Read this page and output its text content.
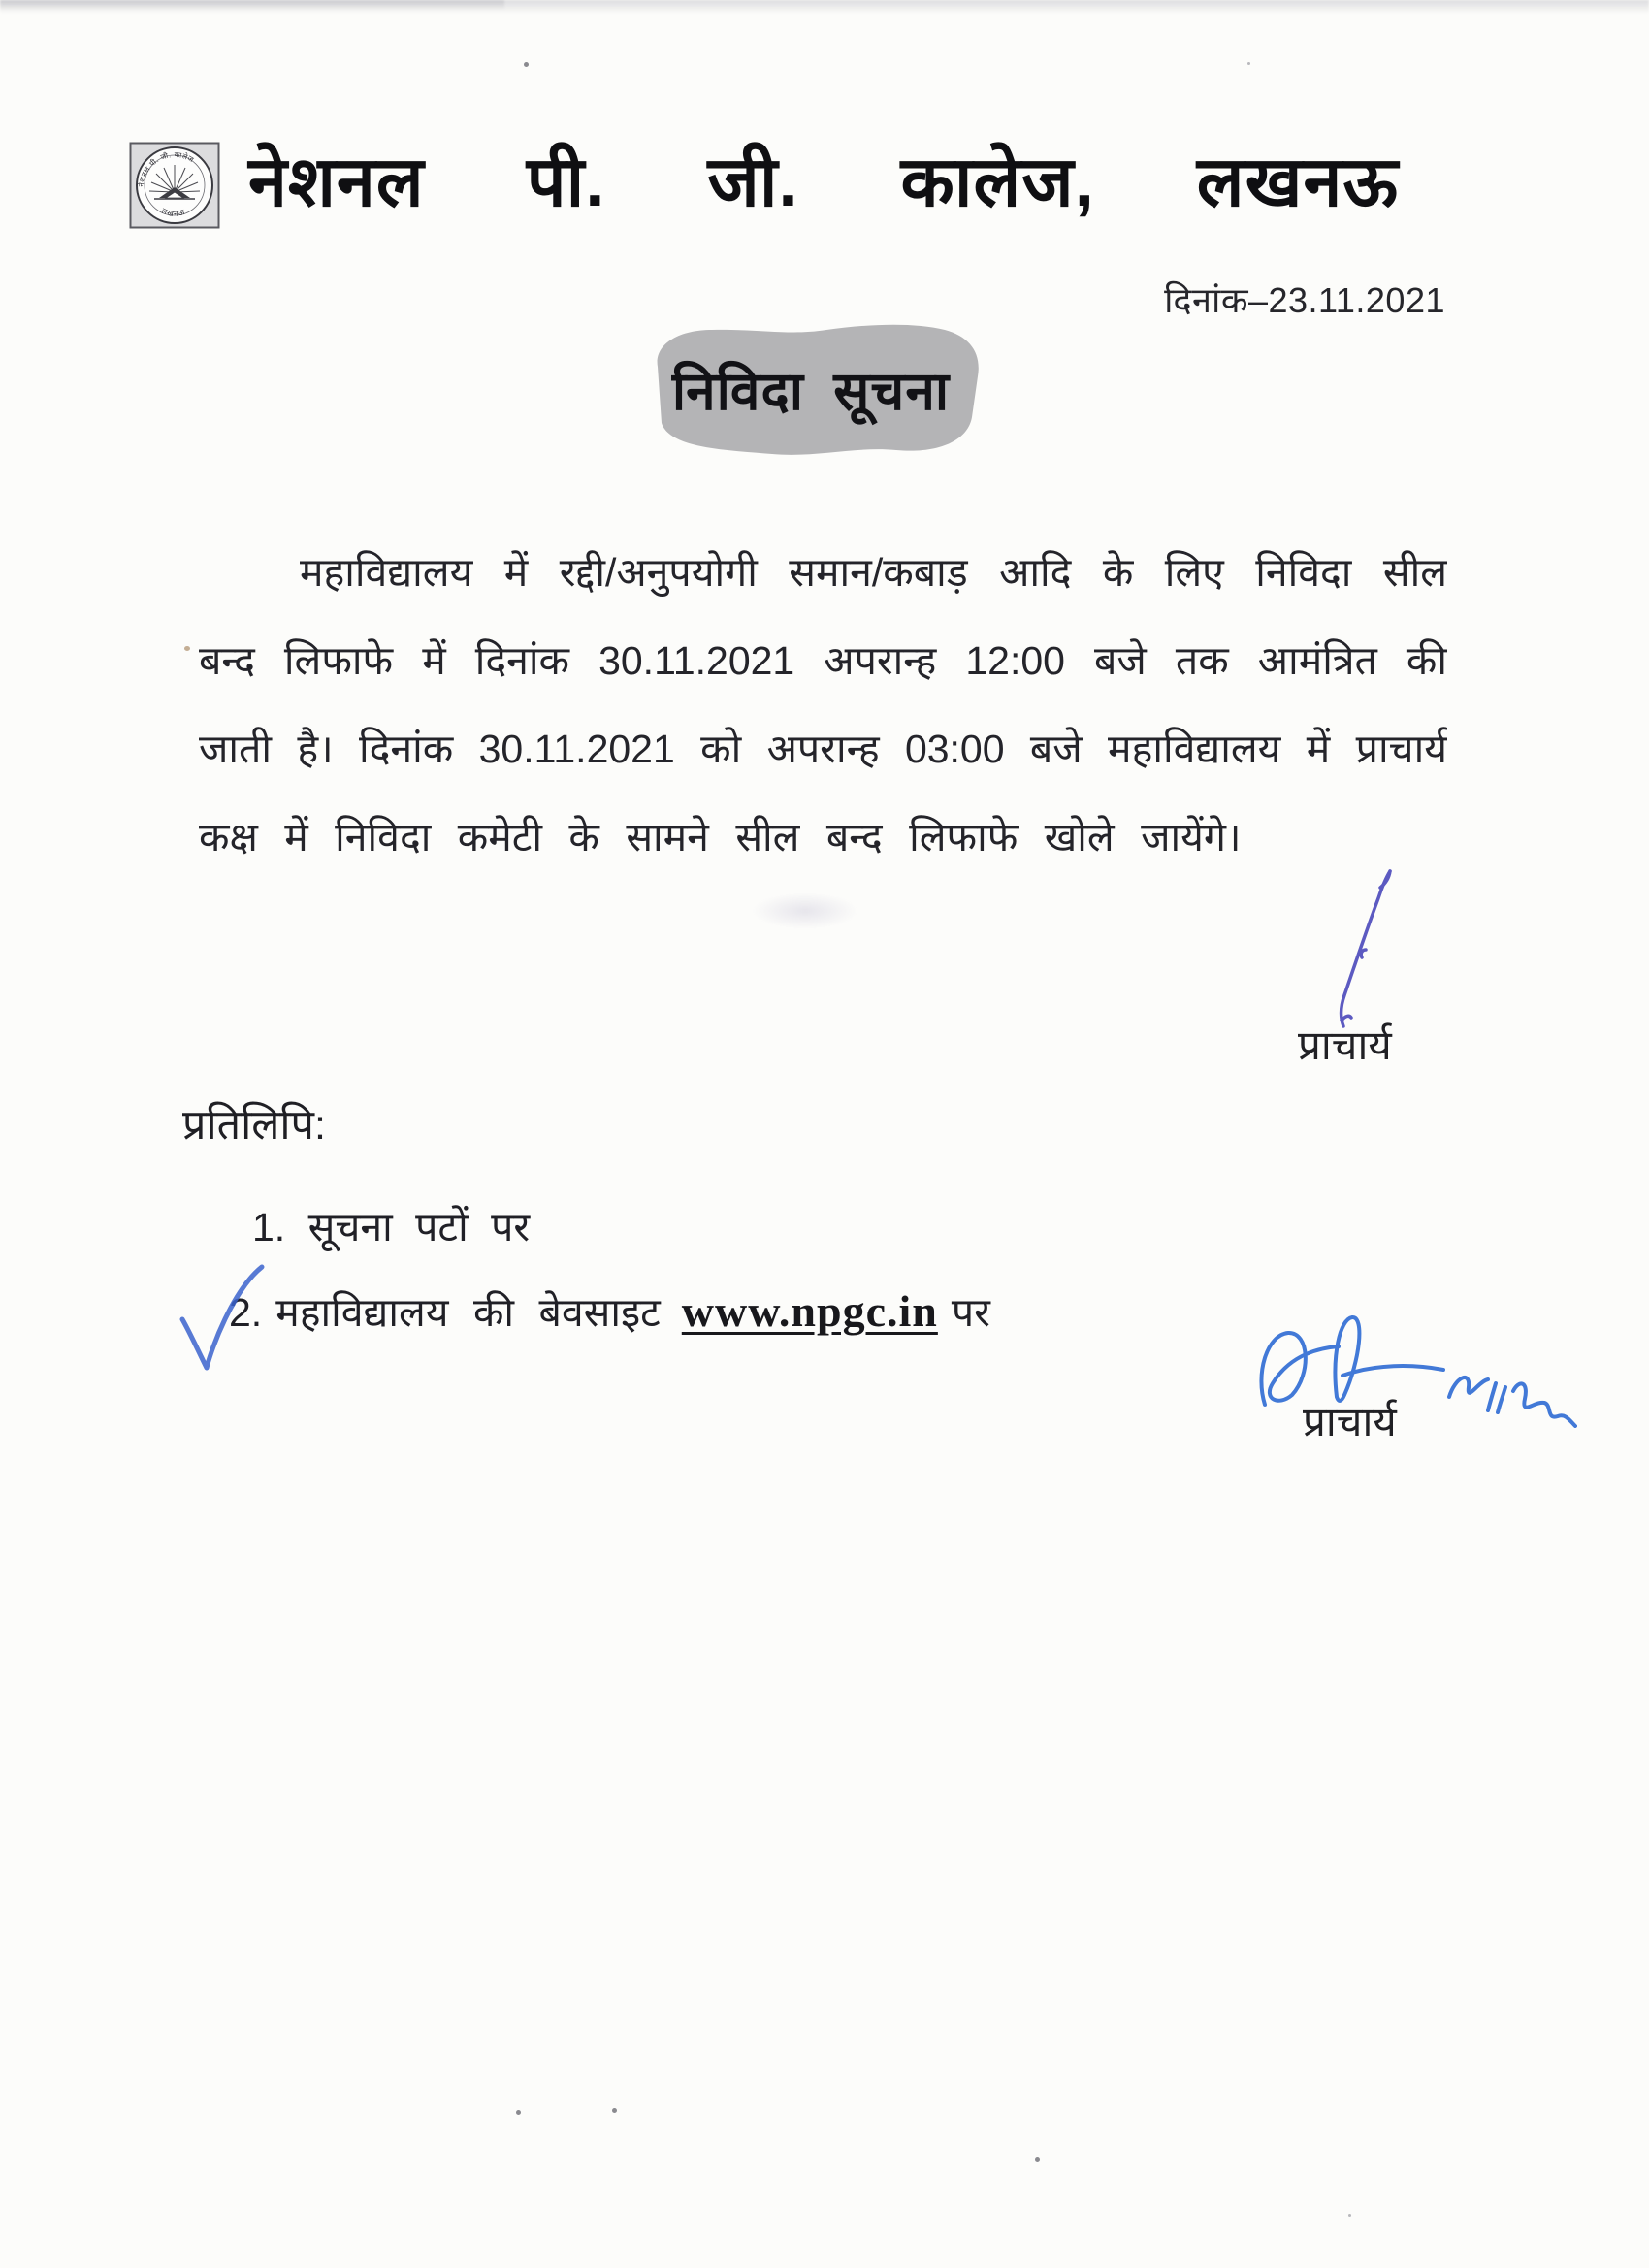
नेशनल पी. जी. कालेज
लखनऊ नेशनल पी. जी. कालेज, लखनऊ
दिनांक–23.11.2021
निविदा सूचना
महाविद्यालय में रद्दी/अनुपयोगी समान/कबाड़ आदि के लिए निविदा सील
बन्द लिफाफे में दिनांक 30.11.2021 अपरान्ह 12:00 बजे तक आमंत्रित की
जाती है। दिनांक 30.11.2021 को अपरान्ह 03:00 बजे महाविद्यालय में प्राचार्य
कक्ष में निविदा कमेटी के सामने सील बन्द लिफाफे खोले जायेंगे।
प्राचार्य
प्रतिलिपि:
1. सूचना पटों पर
2. महाविद्यालय की बेवसाइट www.npgc.in पर
प्राचार्य
